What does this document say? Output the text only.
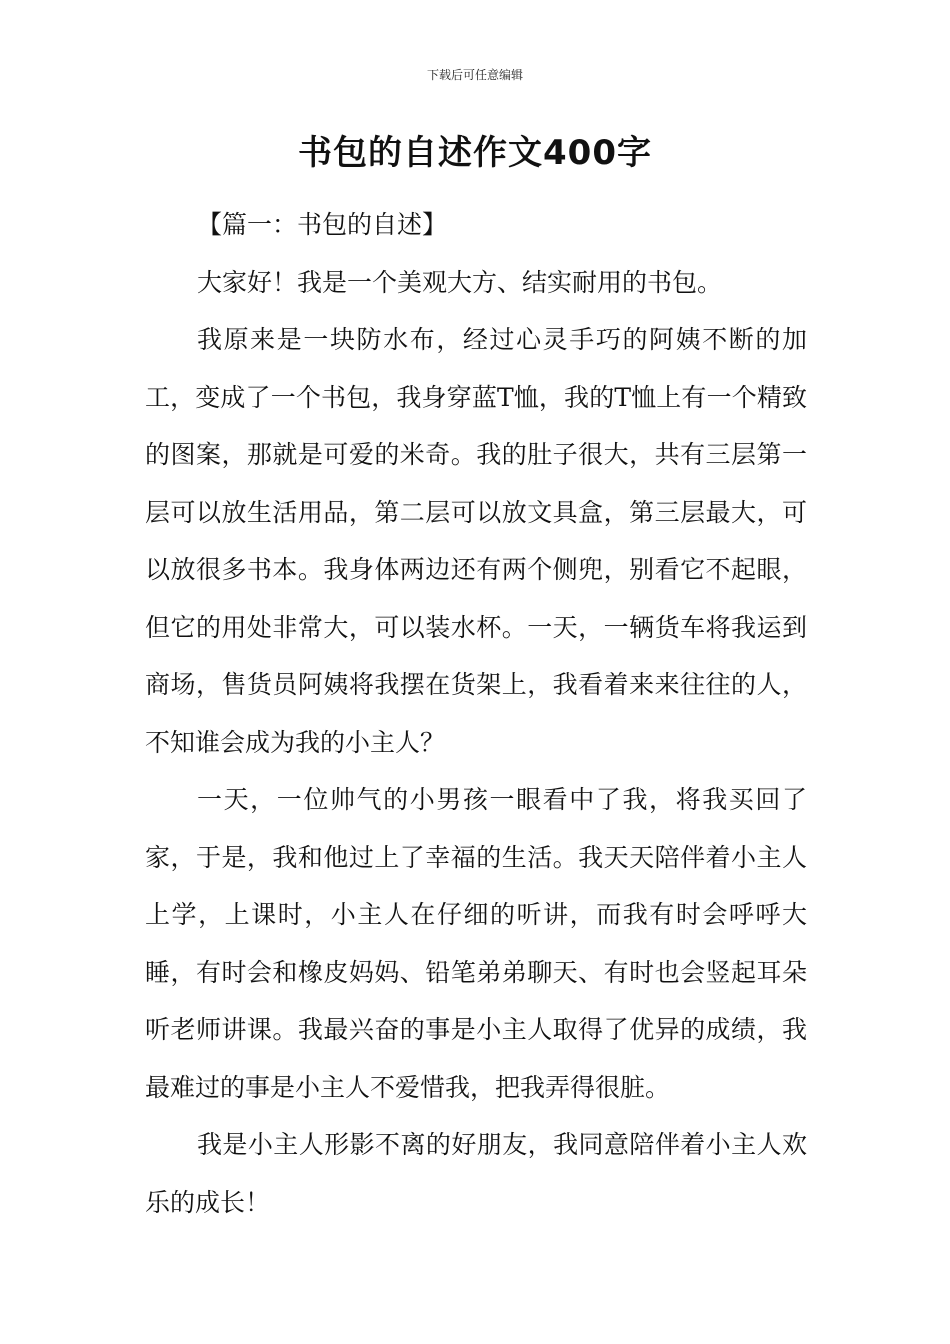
下载后可任意编辑
书包的自述作文400字

【篇一：书包的自述】

大家好！我是一个美观大方、结实耐用的书包。

我原来是一块防水布，经过心灵手巧的阿姨不断的加工，变成了一个书包，我身穿蓝T恤，我的T恤上有一个精致的图案，那就是可爱的米奇。我的肚子很大，共有三层第一层可以放生活用品，第二层可以放文具盒，第三层最大，可以放很多书本。我身体两边还有两个侧兜，别看它不起眼，但它的用处非常大，可以装水杯。一天，一辆货车将我运到商场，售货员阿姨将我摆在货架上，我看着来来往往的人，不知谁会成为我的小主人？

一天，一位帅气的小男孩一眼看中了我，将我买回了家，于是，我和他过上了幸福的生活。我天天陪伴着小主人上学，上课时，小主人在仔细的听讲，而我有时会呼呼大睡，有时会和橡皮妈妈、铅笔弟弟聊天、有时也会竖起耳朵听老师讲课。我最兴奋的事是小主人取得了优异的成绩，我最难过的事是小主人不爱惜我，把我弄得很脏。

我是小主人形影不离的好朋友，我同意陪伴着小主人欢乐的成长！
